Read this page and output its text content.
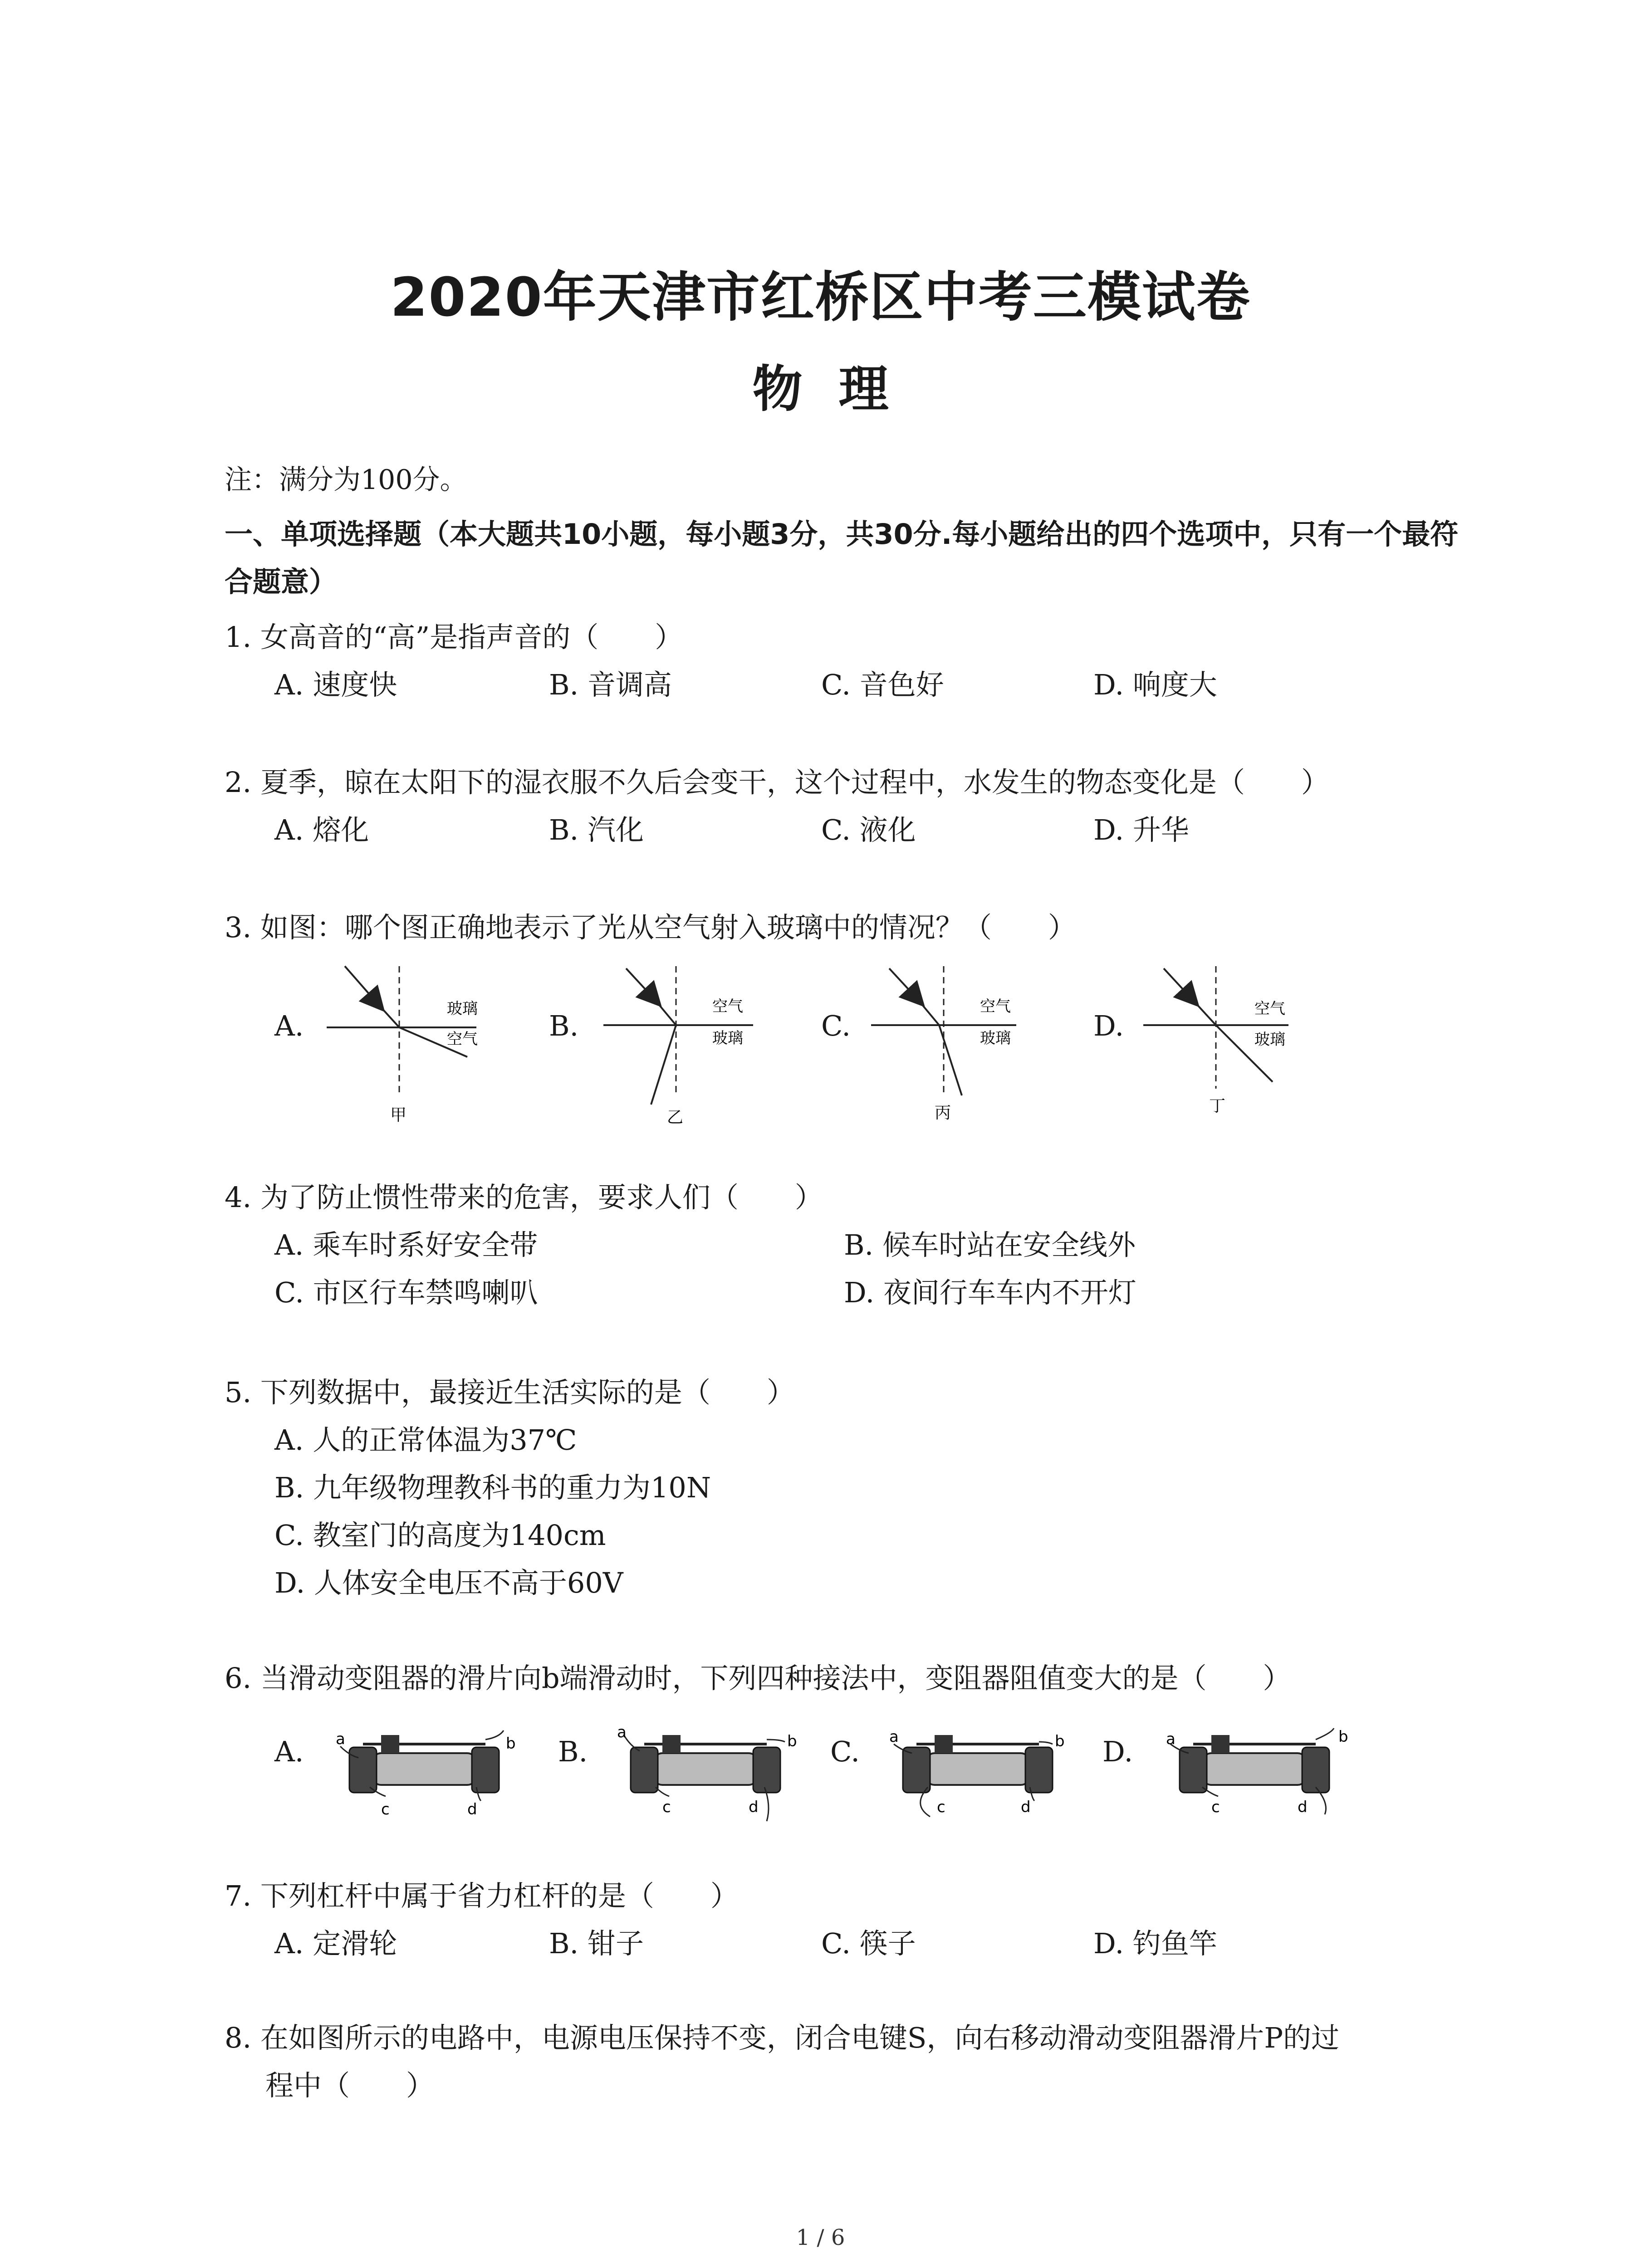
2020年天津市红桥区中考三模试卷
物理
注：满分为100分。
一、单项选择题（本大题共10小题，每小题3分，共30分.每小题给出的四个选项中，只有一个最符合题意）
1. 女高音的“高”是指声音的（　　）
A. 速度快	B. 音调高	C. 音色好	D. 响度大
2. 夏季，晾在太阳下的湿衣服不久后会变干，这个过程中，水发生的物态变化是（　　）
A. 熔化	B. 汽化	C. 液化	D. 升华
3. 如图：哪个图正确地表示了光从空气射入玻璃中的情况？（　　）
A.	B.	C.	D.
玻璃
空气
甲
空气
玻璃
乙
空气
玻璃
丙
空气
玻璃
丁
4. 为了防止惯性带来的危害，要求人们（　　）
A. 乘车时系好安全带	B. 候车时站在安全线外
C. 市区行车禁鸣喇叭	D. 夜间行车车内不开灯
5. 下列数据中，最接近生活实际的是（　　）
A. 人的正常体温为37℃
B. 九年级物理教科书的重力为10N
C. 教室门的高度为140cm
D. 人体安全电压不高于60V
6. 当滑动变阻器的滑片向b端滑动时，下列四种接法中，变阻器阻值变大的是（　　）
A.	B.	C.	D.
a	b
c	d
a	b
c	d
a	b
c	d
a	b
c	d
7. 下列杠杆中属于省力杠杆的是（　　）
A. 定滑轮	B. 钳子	C. 筷子	D. 钓鱼竿
8. 在如图所示的电路中，电源电压保持不变，闭合电键S，向右移动滑动变阻器滑片P的过
程中（　　）
1 / 6
